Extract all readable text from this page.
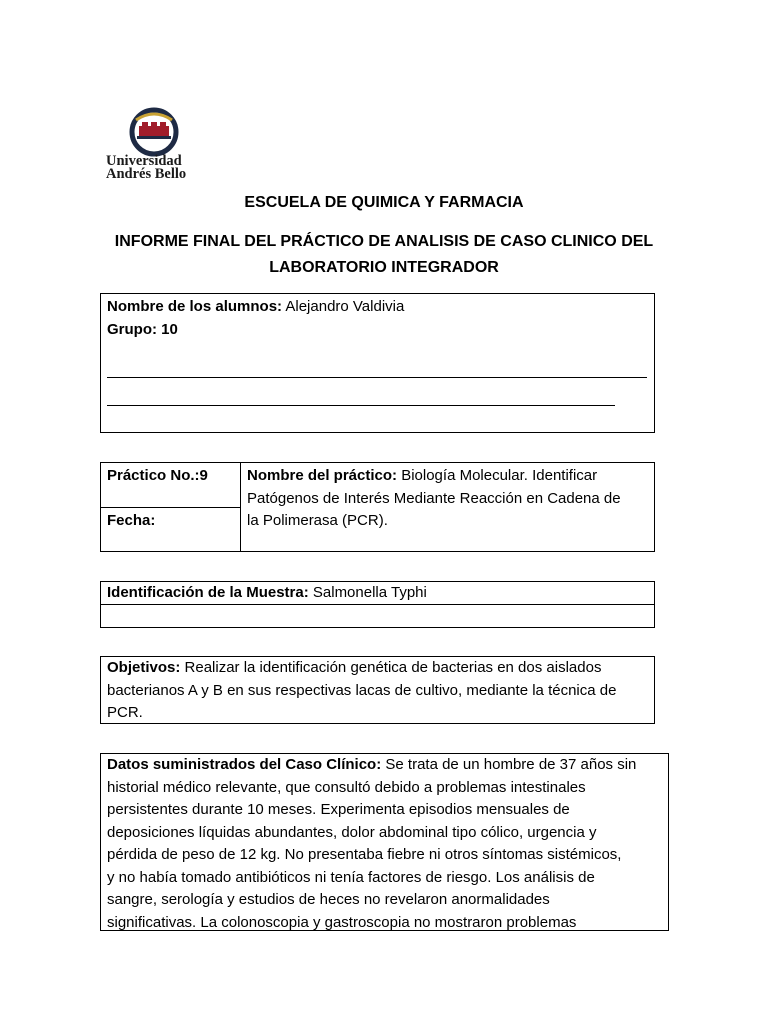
Universidad
Andrés Bello
ESCUELA DE QUIMICA Y FARMACIA
INFORME FINAL DEL PRÁCTICO DE ANALISIS DE CASO CLINICO DEL
LABORATORIO INTEGRADOR
Nombre de los alumnos: Alejandro Valdivia
Grupo: 10
Práctico No.:9
Fecha:
Nombre del práctico: Biología Molecular. Identificar
Patógenos de Interés Mediante Reacción en Cadena de
la Polimerasa (PCR).
Identificación de la Muestra: Salmonella Typhi
Objetivos: Realizar la identificación genética de bacterias en dos aislados
bacterianos A y B en sus respectivas lacas de cultivo, mediante la técnica de
PCR.
Datos suministrados del Caso Clínico: Se trata de un hombre de 37 años sin
historial médico relevante, que consultó debido a problemas intestinales
persistentes durante 10 meses. Experimenta episodios mensuales de
deposiciones líquidas abundantes, dolor abdominal tipo cólico, urgencia y
pérdida de peso de 12 kg. No presentaba fiebre ni otros síntomas sistémicos,
y no había tomado antibióticos ni tenía factores de riesgo. Los análisis de
sangre, serología y estudios de heces no revelaron anormalidades
significativas. La colonoscopia y gastroscopia no mostraron problemas
